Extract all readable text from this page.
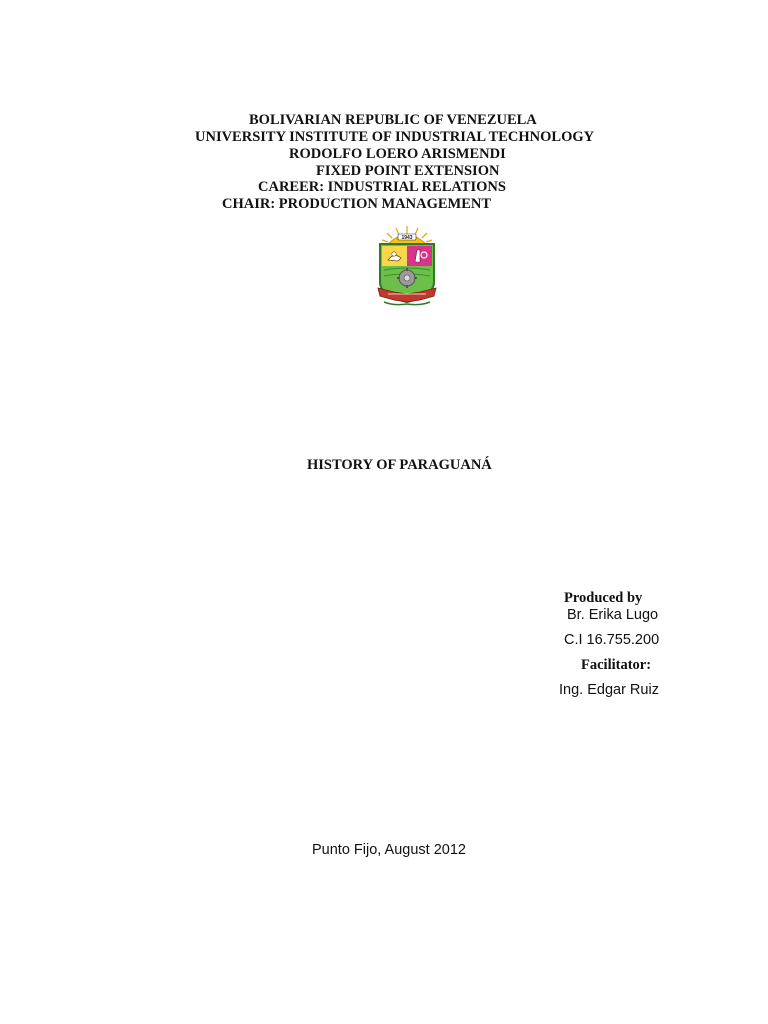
BOLIVARIAN REPUBLIC OF VENEZUELA
UNIVERSITY INSTITUTE OF INDUSTRIAL TECHNOLOGY
RODOLFO LOERO ARISMENDI
FIXED POINT EXTENSION
CAREER: INDUSTRIAL RELATIONS
CHAIR: PRODUCTION MANAGEMENT
1943
HISTORY OF PARAGUANÁ
Produced by
Br. Erika Lugo
C.I 16.755.200
Facilitator:
Ing. Edgar Ruiz
Punto Fijo, August 2012
